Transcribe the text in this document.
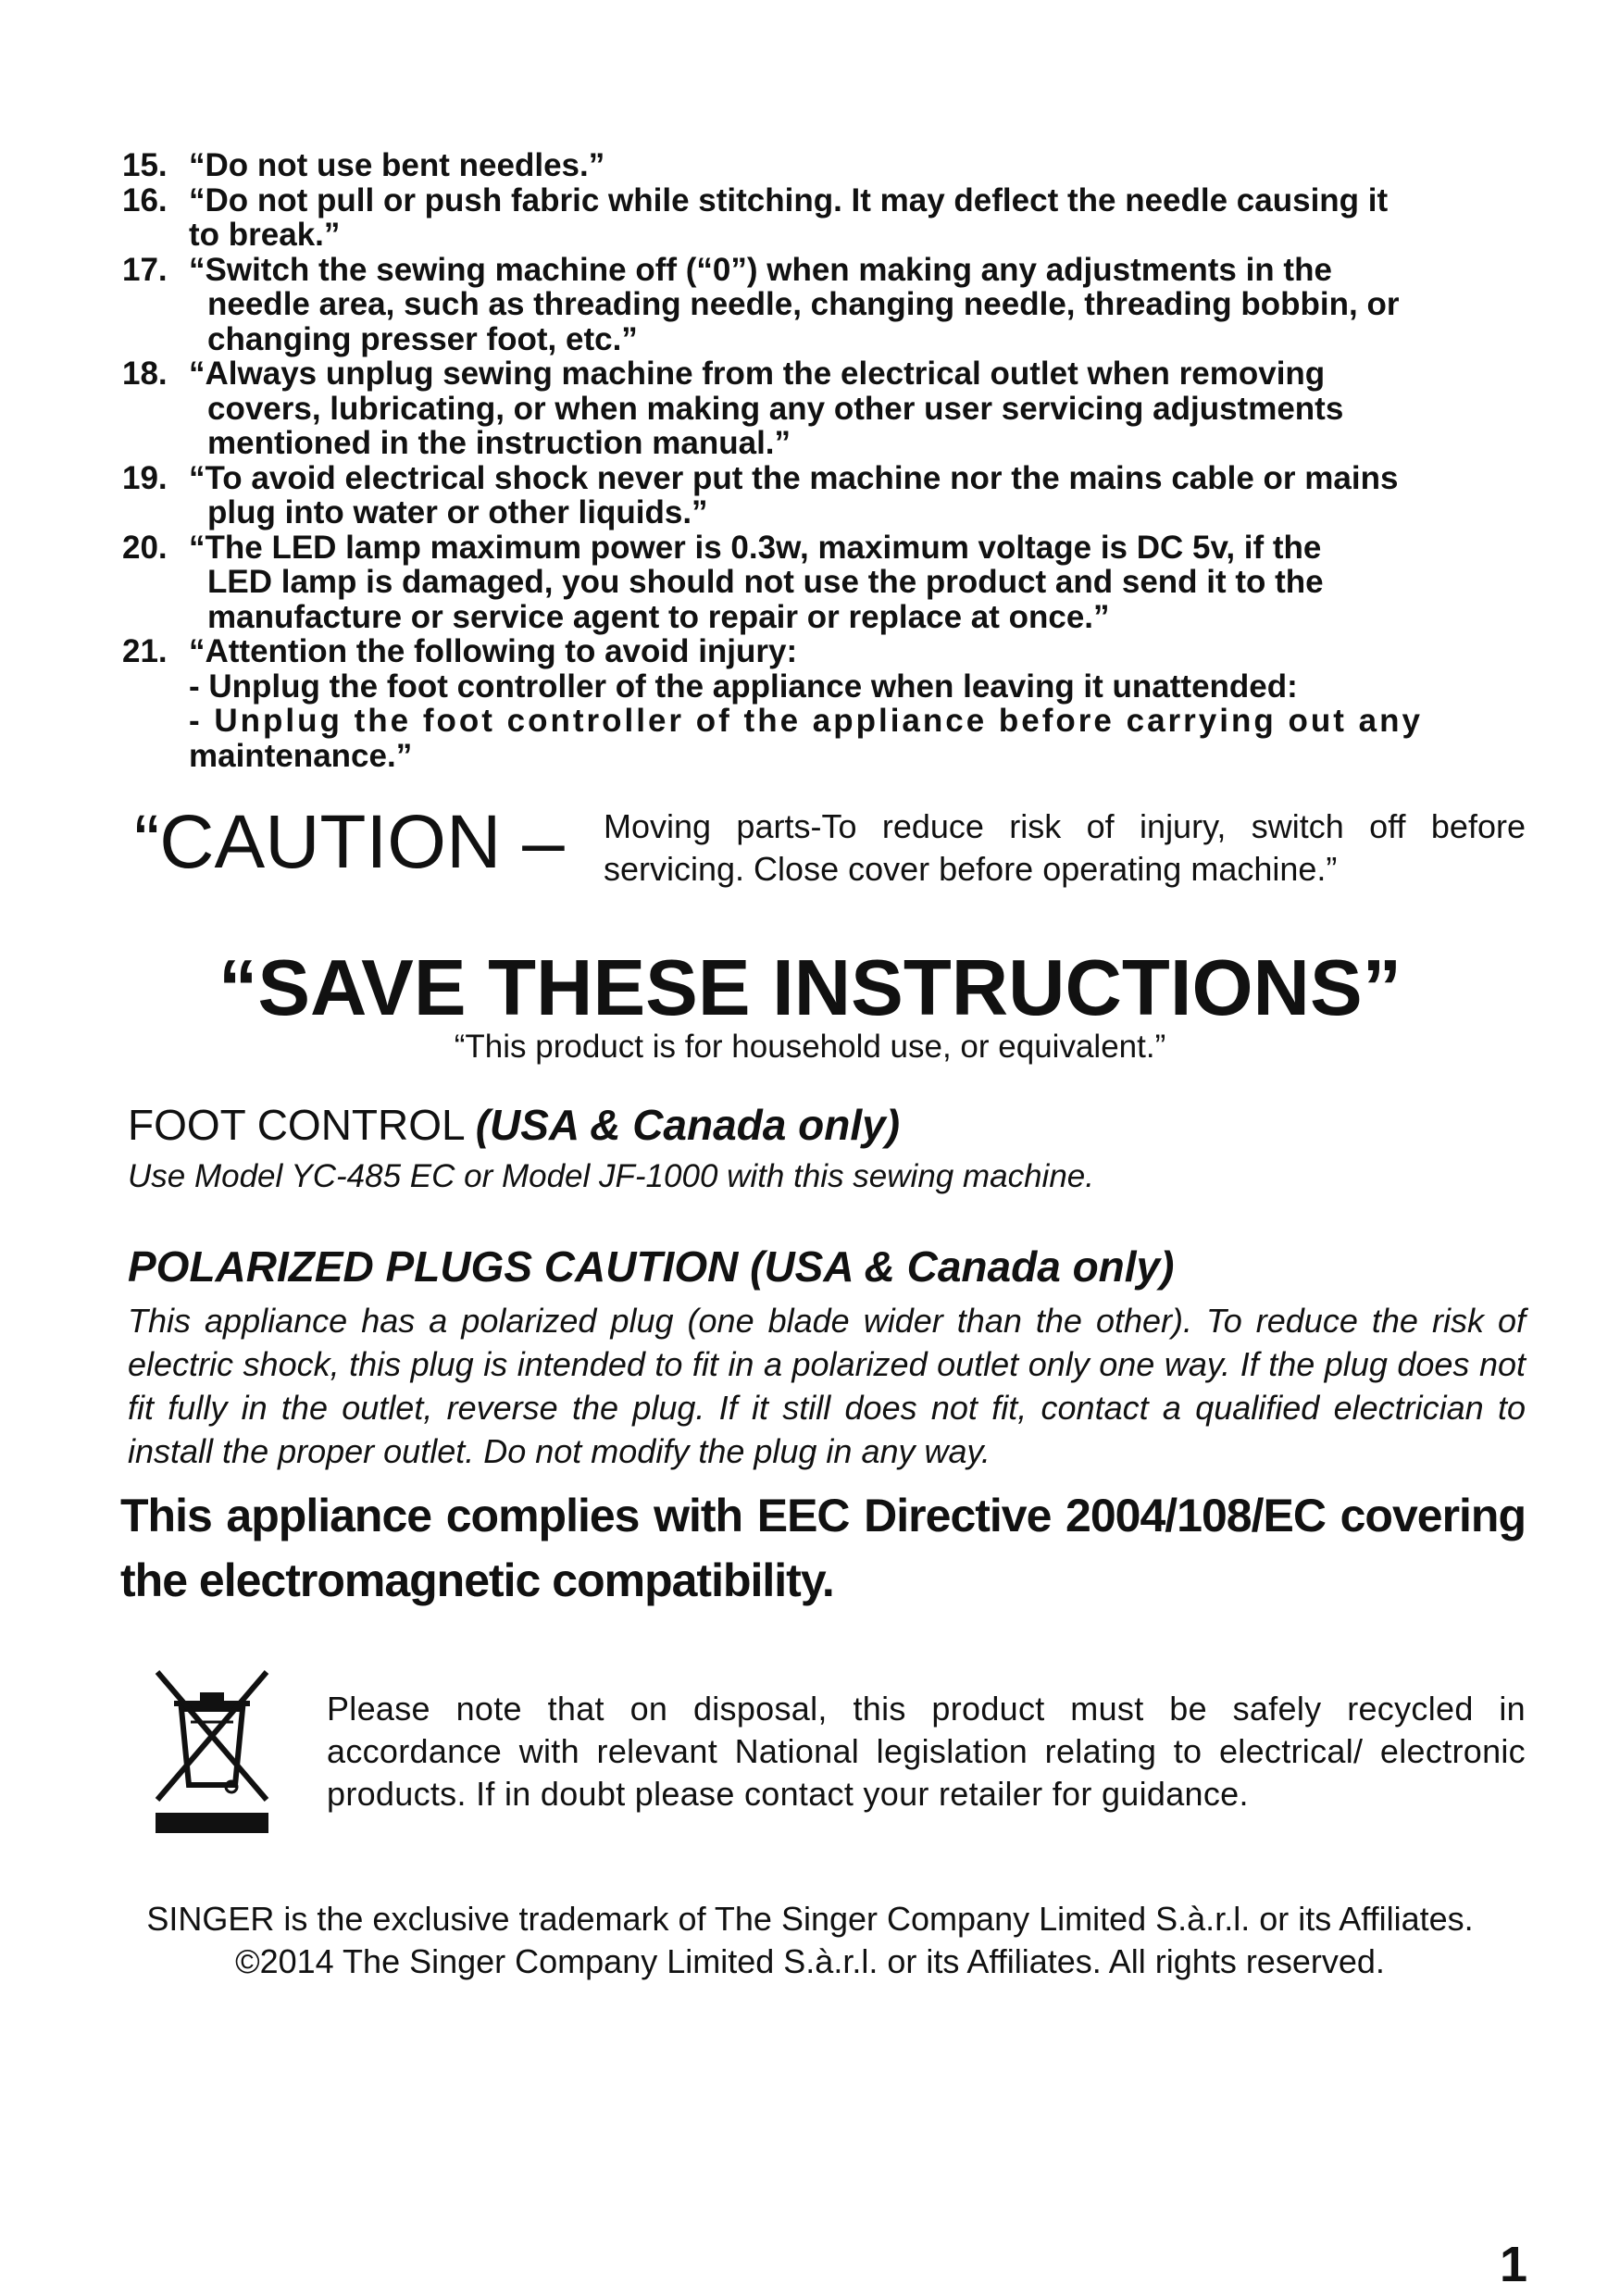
15. “Do not use bent needles.”
16. “Do not pull or push fabric while stitching. It may deflect the needle causing it
to break.”
17. “Switch the sewing machine off (“0”) when making any adjustments in the
needle area, such as threading needle, changing needle, threading bobbin, or
changing presser foot, etc.”
18. “Always unplug sewing machine from the electrical outlet when removing
covers, lubricating, or when making any other user servicing adjustments
mentioned in the instruction manual.”
19. “To avoid electrical shock never put the machine nor the mains cable or mains
plug into water or other liquids.”
20. “The LED lamp maximum power is 0.3w, maximum voltage is DC 5v, if the
LED lamp is damaged, you should not use the product and send it to the
manufacture or service agent to repair or replace at once.”
21. “Attention the following to avoid injury:
- Unplug the foot controller of the appliance when leaving it unattended:
- Unplug the foot controller of the appliance before carrying out any
maintenance.”
“CAUTION – Moving parts-To reduce risk of injury, switch off before servicing. Close cover before operating machine.”
“SAVE THESE INSTRUCTIONS”
“This product is for household use, or equivalent.”
FOOT CONTROL (USA & Canada only)
Use Model YC-485 EC or Model JF-1000 with this sewing machine.
POLARIZED PLUGS CAUTION (USA & Canada only)
This appliance has a polarized plug (one blade wider than the other). To reduce the risk of electric shock, this plug is intended to fit in a polarized outlet only one way. If the plug does not fit fully in the outlet, reverse the plug. If it still does not fit, contact a qualified electrician to install the proper outlet. Do not modify the plug in any way.
This appliance complies with EEC Directive 2004/108/EC covering the electromagnetic compatibility.
Please note that on disposal, this product must be safely recycled in accordance with relevant National legislation relating to electrical/ electronic products. If in doubt please contact your retailer for guidance.
SINGER is the exclusive trademark of The Singer Company Limited S.à.r.l. or its Affiliates.
©2014 The Singer Company Limited S.à.r.l. or its Affiliates. All rights reserved.
1
